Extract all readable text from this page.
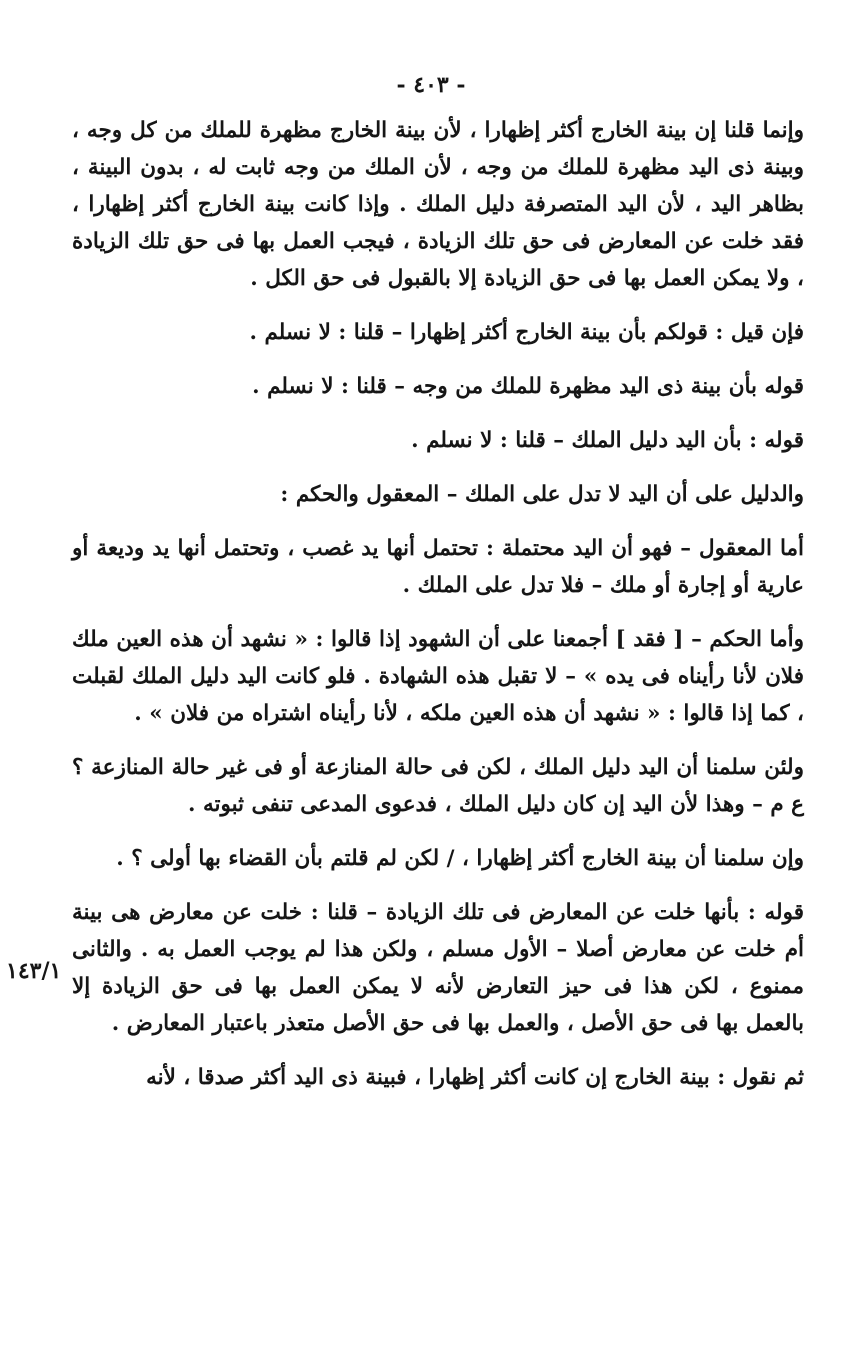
- ٤٠٣ -
١٤٣/١

وإنما قلنا إن بينة الخارج أكثر إظهارا ، لأن بينة الخارج مظهرة للملك من كل وجه ، وبينة ذى اليد مظهرة للملك من وجه ، لأن الملك من وجه ثابت له ، بدون البينة ، بظاهر اليد ، لأن اليد المتصرفة دليل الملك . وإذا كانت بينة الخارج أكثر إظهارا ، فقد خلت عن المعارض فى حق تلك الزيادة ، فيجب العمل بها فى حق تلك الزيادة ، ولا يمكن العمل بها فى حق الزيادة إلا بالقبول فى حق الكل .

فإن قيل : قولكم بأن بينة الخارج أكثر إظهارا – قلنا : لا نسلم .

قوله بأن بينة ذى اليد مظهرة للملك من وجه – قلنا : لا نسلم .

قوله : بأن اليد دليل الملك – قلنا : لا نسلم .

والدليل على أن اليد لا تدل على الملك – المعقول والحكم :

أما المعقول – فهو أن اليد محتملة : تحتمل أنها يد غصب ، وتحتمل أنها يد وديعة أو عارية أو إجارة أو ملك – فلا تدل على الملك .

وأما الحكم – [ فقد ] أجمعنا على أن الشهود إذا قالوا : « نشهد أن هذه العين ملك فلان لأنا رأيناه فى يده » – لا تقبل هذه الشهادة . فلو كانت اليد دليل الملك لقبلت ، كما إذا قالوا : « نشهد أن هذه العين ملكه ، لأنا رأيناه اشتراه من فلان » .

ولئن سلمنا أن اليد دليل الملك ، لكن فى حالة المنازعة أو فى غير حالة المنازعة ؟ ع م – وهذا لأن اليد إن كان دليل الملك ، فدعوى المدعى تنفى ثبوته .

وإن سلمنا أن بينة الخارج أكثر إظهارا ، / لكن لم قلتم بأن القضاء بها أولى ؟ .

قوله : بأنها خلت عن المعارض فى تلك الزيادة – قلنا : خلت عن معارض هى بينة أم خلت عن معارض أصلا – الأول مسلم ، ولكن هذا لم يوجب العمل به . والثانى ممنوع ، لكن هذا فى حيز التعارض لأنه لا يمكن العمل بها فى حق الزيادة إلا بالعمل بها فى حق الأصل ، والعمل بها فى حق الأصل متعذر باعتبار المعارض .

ثم نقول : بينة الخارج إن كانت أكثر إظهارا ، فبينة ذى اليد أكثر صدقا ، لأنه
